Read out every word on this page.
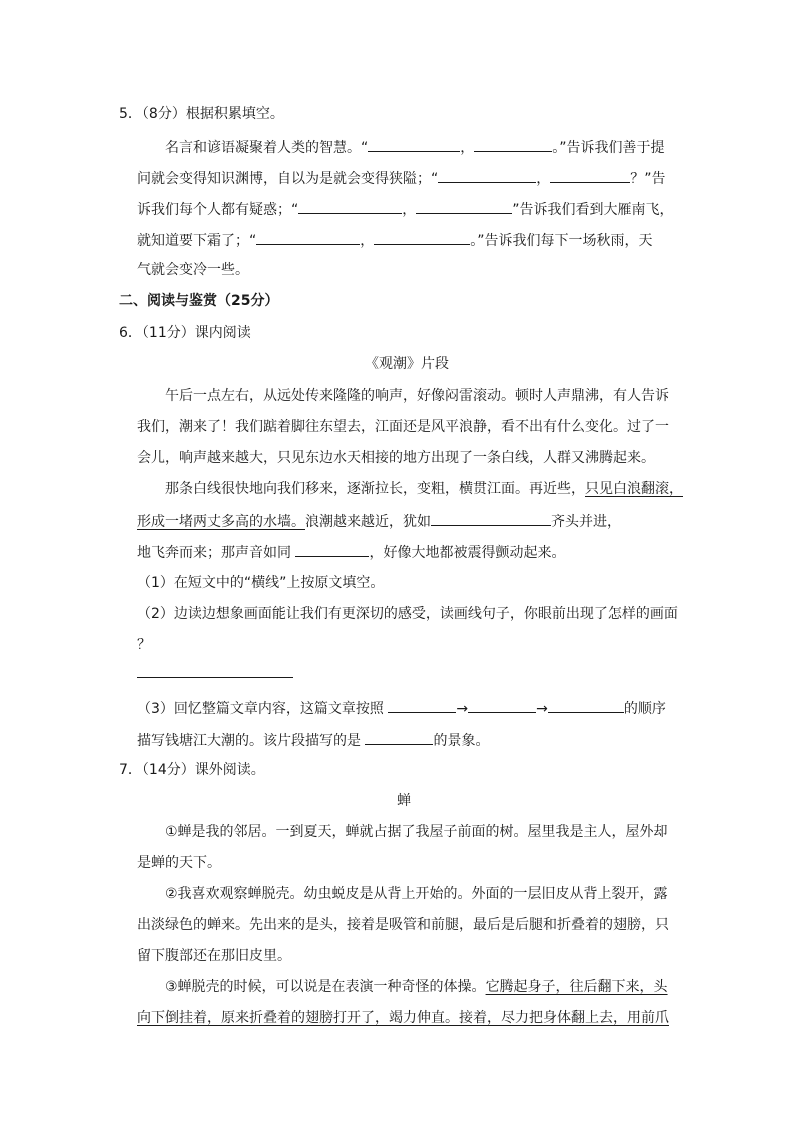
5．（8分）根据积累填空。
名言和谚语凝聚着人类的智慧。“	，	。”告诉我们善于提
问就会变得知识渊博，自以为是就会变得狭隘；“	，	？”告
诉我们每个人都有疑惑；“	，	”告诉我们看到大雁南飞，
就知道要下霜了；“	，	。”告诉我们每下一场秋雨，天
气就会变冷一些。
二、阅读与鉴赏（25分）
6．（11分）课内阅读
《观潮》片段
午后一点左右，从远处传来隆隆的响声，好像闷雷滚动。顿时人声鼎沸，有人告诉
我们，潮来了！我们踮着脚往东望去，江面还是风平浪静，看不出有什么变化。过了一
会儿，响声越来越大，只见东边水天相接的地方出现了一条白线，人群又沸腾起来。
那条白线很快地向我们移来，逐渐拉长，变粗，横贯江面。再近些，只见白浪翻滚，
形成一堵两丈多高的水墙。浪潮越来越近，犹如	齐头并进，
地飞奔而来；那声音如同	，好像大地都被震得颤动起来。
（1）在短文中的“横线”上按原文填空。
（2）边读边想象画面能让我们有更深切的感受，读画线句子，你眼前出现了怎样的画面
？
（3）回忆整篇文章内容，这篇文章按照	→	→	的顺序
描写钱塘江大潮的。该片段描写的是	的景象。
7．（14分）课外阅读。
蝉
①蝉是我的邻居。一到夏天，蝉就占据了我屋子前面的树。屋里我是主人，屋外却
是蝉的天下。
②我喜欢观察蝉脱壳。幼虫蜕皮是从背上开始的。外面的一层旧皮从背上裂开，露
出淡绿色的蝉来。先出来的是头，接着是吸管和前腿，最后是后腿和折叠着的翅膀，只
留下腹部还在那旧皮里。
③蝉脱壳的时候，可以说是在表演一种奇怪的体操。它腾起身子，往后翻下来，头
向下倒挂着，原来折叠着的翅膀打开了，竭力伸直。接着，尽力把身体翻上去，用前爪
